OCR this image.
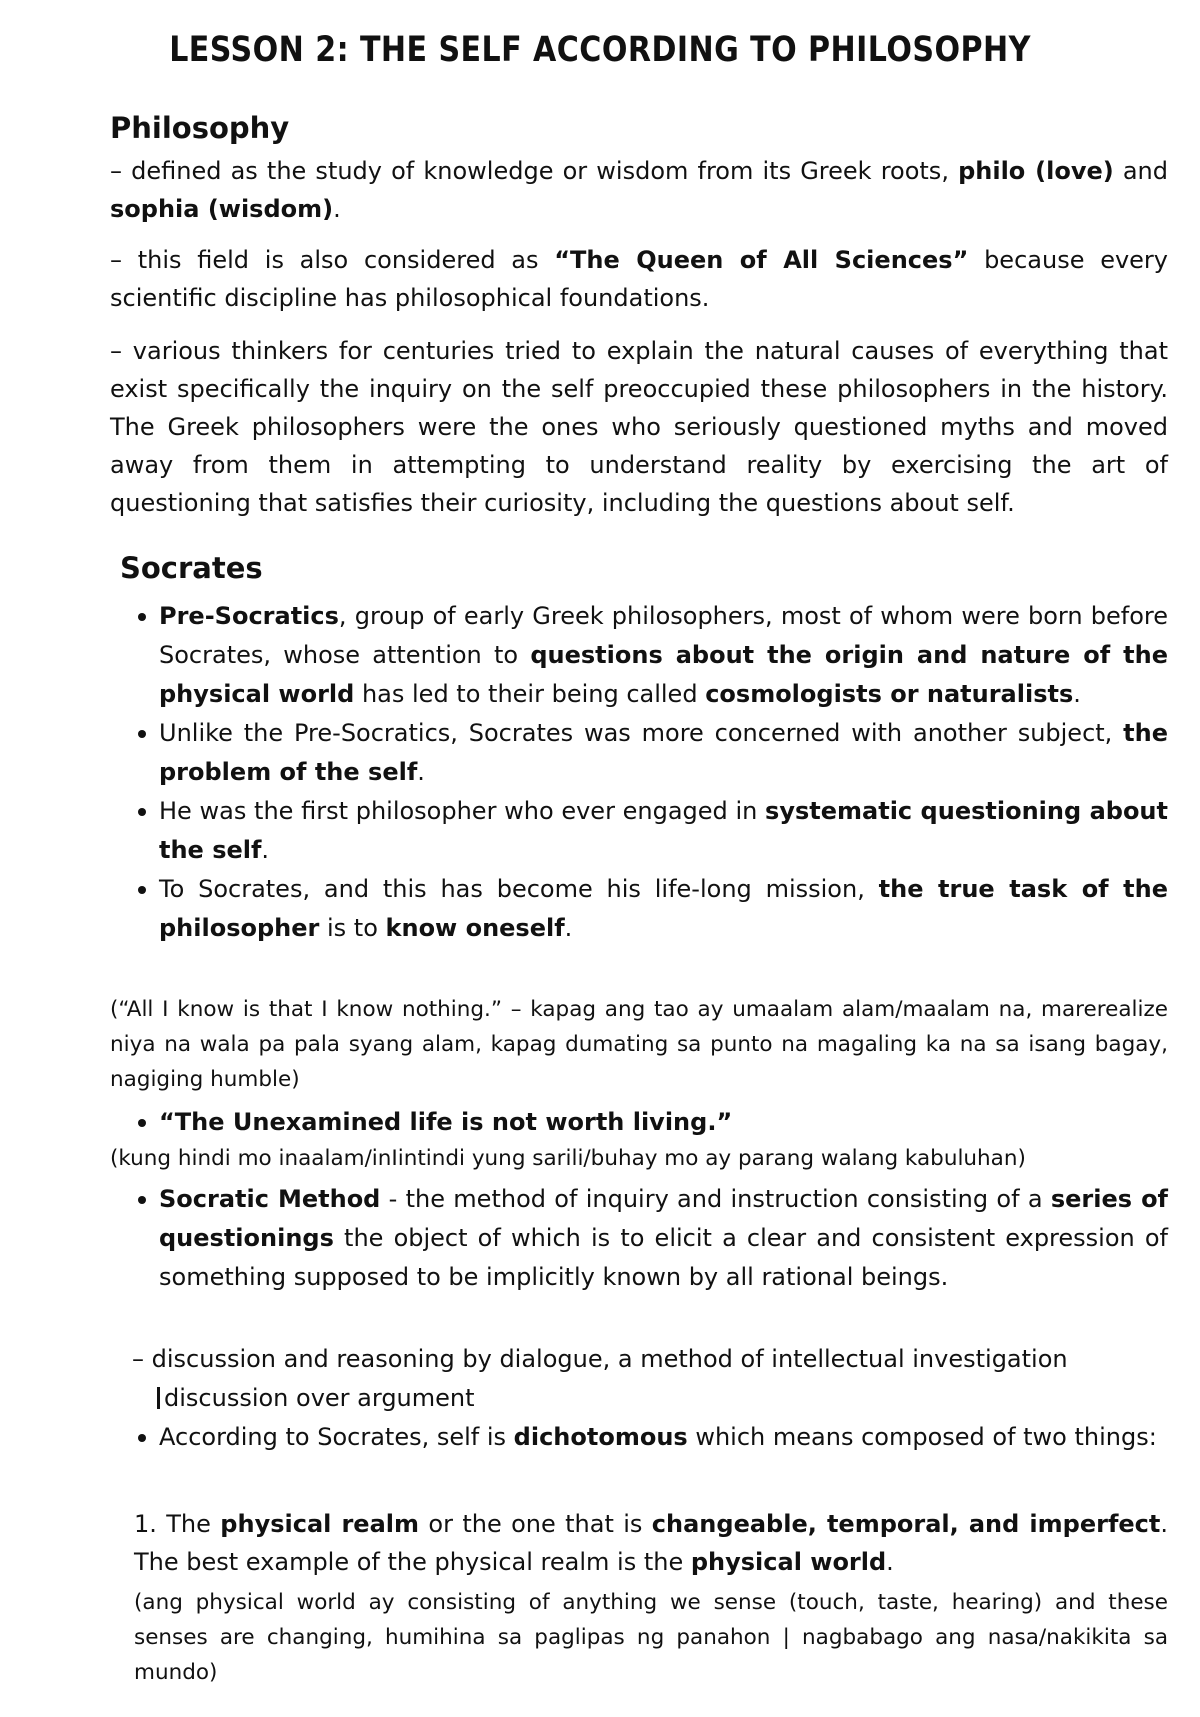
LESSON 2: THE SELF ACCORDING TO PHILOSOPHY
Philosophy

– defined as the study of knowledge or wisdom from its Greek roots, philo (love) and sophia (wisdom).

– this field is also considered as “The Queen of All Sciences” because every scientific discipline has philosophical foundations.

– various thinkers for centuries tried to explain the natural causes of everything that exist specifically the inquiry on the self preoccupied these philosophers in the history. The Greek philosophers were the ones who seriously questioned myths and moved away from them in attempting to understand reality by exercising the art of questioning that satisfies their curiosity, including the questions about self.

Socrates
Pre-Socratics, group of early Greek philosophers, most of whom were born before Socrates, whose attention to questions about the origin and nature of the physical world has led to their being called cosmologists or naturalists.
Unlike the Pre-Socratics, Socrates was more concerned with another subject, the problem of the self.
He was the first philosopher who ever engaged in systematic questioning about the self.
To Socrates, and this has become his life-long mission, the true task of the philosopher is to know oneself.

(“All I know is that I know nothing.” – kapag ang tao ay umaalam alam/maalam na, marerealize niya na wala pa pala syang alam, kapag dumating sa punto na magaling ka na sa isang bagay, nagiging humble)

“The Unexamined life is not worth living.”

(kung hindi mo inaalam/inIintindi yung sarili/buhay mo ay parang walang kabuluhan)

Socratic Method - the method of inquiry and instruction consisting of a series of questionings the object of which is to elicit a clear and consistent expression of something supposed to be implicitly known by all rational beings.

– discussion and reasoning by dialogue, a method of intellectual investigation

discussion over argument

According to Socrates, self is dichotomous which means composed of two things:

1. The physical realm or the one that is changeable, temporal, and imperfect. The best example of the physical realm is the physical world.

(ang physical world ay consisting of anything we sense (touch, taste, hearing) and these senses are changing, humihina sa paglipas ng panahon | nagbabago ang nasa/nakikita sa mundo)
